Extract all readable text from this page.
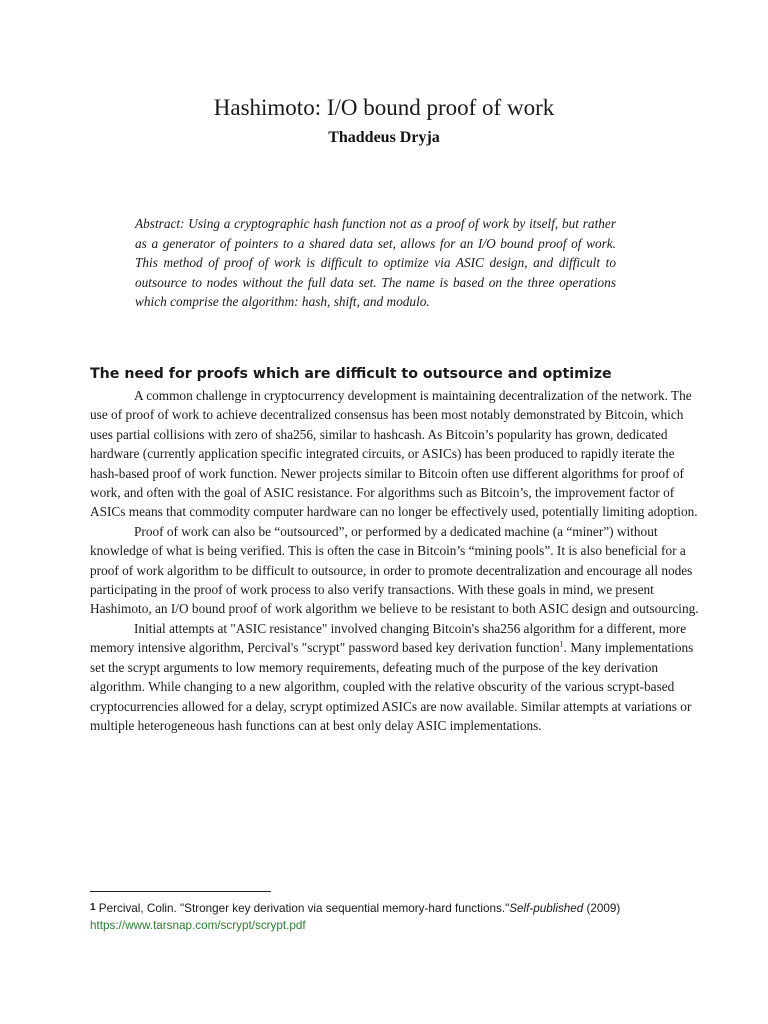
Hashimoto: I/O bound proof of work
Thaddeus Dryja

Abstract: Using a cryptographic hash function not as a proof of work by itself, but rather as a generator of pointers to a shared data set, allows for an I/O bound proof of work. This method of proof of work is difficult to optimize via ASIC design, and difficult to outsource to nodes without the full data set. The name is based on the three operations which comprise the algorithm: hash, shift, and modulo.

The need for proofs which are difficult to outsource and optimize

A common challenge in cryptocurrency development is maintaining decentralization of the network. The use of proof of work to achieve decentralized consensus has been most notably demonstrated by Bitcoin, which uses partial collisions with zero of sha256, similar to hashcash. As Bitcoin’s popularity has grown, dedicated hardware (currently application specific integrated circuits, or ASICs) has been produced to rapidly iterate the hash-based proof of work function. Newer projects similar to Bitcoin often use different algorithms for proof of work, and often with the goal of ASIC resistance. For algorithms such as Bitcoin’s, the improvement factor of ASICs means that commodity computer hardware can no longer be effectively used, potentially limiting adoption.

Proof of work can also be “outsourced”, or performed by a dedicated machine (a “miner”) without knowledge of what is being verified. This is often the case in Bitcoin’s “mining pools”. It is also beneficial for a proof of work algorithm to be difficult to outsource, in order to promote decentralization and encourage all nodes participating in the proof of work process to also verify transactions. With these goals in mind, we present Hashimoto, an I/O bound proof of work algorithm we believe to be resistant to both ASIC design and outsourcing.

Initial attempts at "ASIC resistance" involved changing Bitcoin's sha256 algorithm for a different, more memory intensive algorithm, Percival's "scrypt" password based key derivation function$^1$. Many implementations set the scrypt arguments to low memory requirements, defeating much of the purpose of the key derivation algorithm. While changing to a new algorithm, coupled with the relative obscurity of the various scrypt-based cryptocurrencies allowed for a delay, scrypt optimized ASICs are now available. Similar attempts at variations or multiple heterogeneous hash functions can at best only delay ASIC implementations.

1 Percival, Colin. "Stronger key derivation via sequential memory-hard functions."Self-published (2009)
https://www.tarsnap.com/scrypt/scrypt.pdf
